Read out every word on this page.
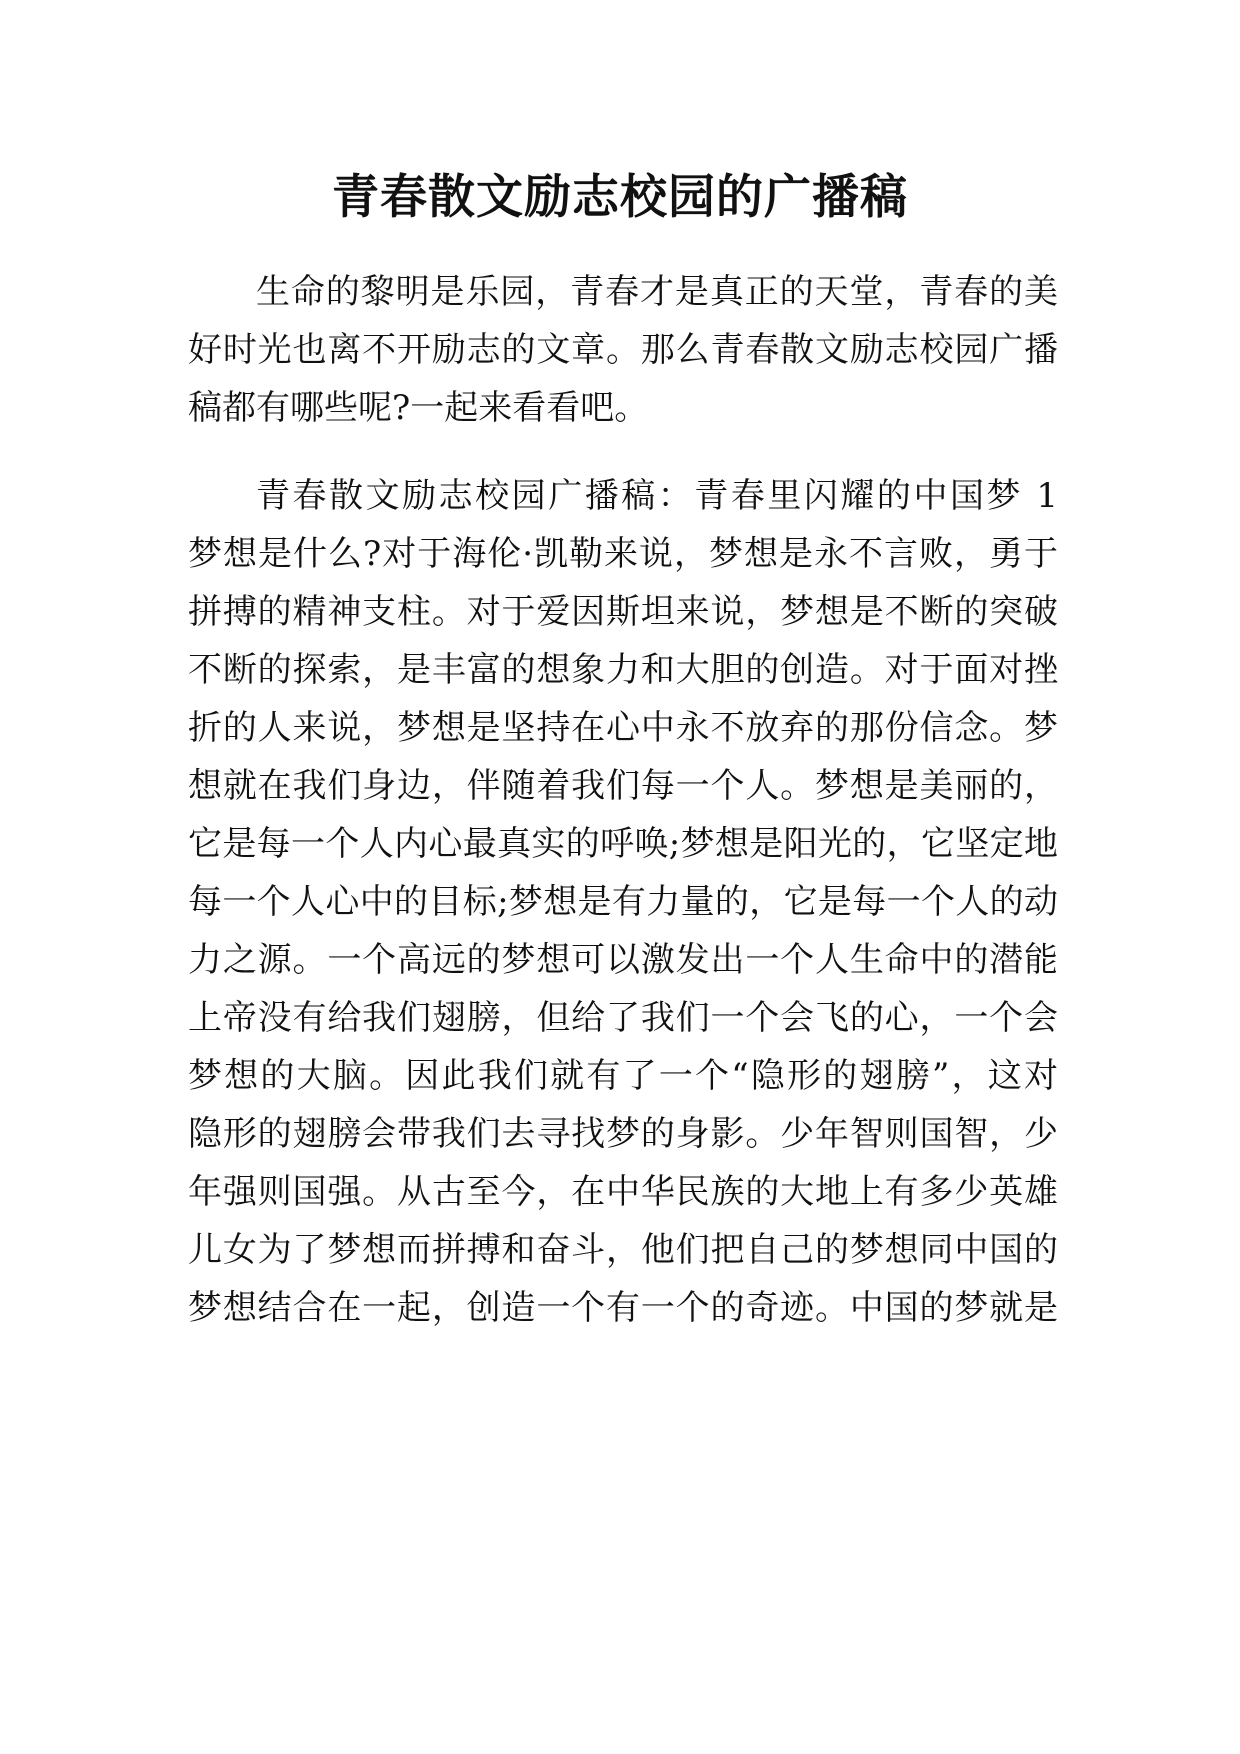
青春散文励志校园的广播稿
生命的黎明是乐园，青春才是真正的天堂，青春的美
好时光也离不开励志的文章。那么青春散文励志校园广播
稿都有哪些呢?一起来看看吧。
青春散文励志校园广播稿：青春里闪耀的中国梦 1
梦想是什么?对于海伦·凯勒来说，梦想是永不言败，勇于
拼搏的精神支柱。对于爱因斯坦来说，梦想是不断的突破
不断的探索，是丰富的想象力和大胆的创造。对于面对挫
折的人来说，梦想是坚持在心中永不放弃的那份信念。梦
想就在我们身边，伴随着我们每一个人。梦想是美丽的，
它是每一个人内心最真实的呼唤;梦想是阳光的，它坚定地
每一个人心中的目标;梦想是有力量的，它是每一个人的动
力之源。一个高远的梦想可以激发出一个人生命中的潜能
上帝没有给我们翅膀，但给了我们一个会飞的心，一个会
梦想的大脑。因此我们就有了一个“隐形的翅膀”，这对
隐形的翅膀会带我们去寻找梦的身影。少年智则国智，少
年强则国强。从古至今，在中华民族的大地上有多少英雄
儿女为了梦想而拼搏和奋斗，他们把自己的梦想同中国的
梦想结合在一起，创造一个有一个的奇迹。中国的梦就是
